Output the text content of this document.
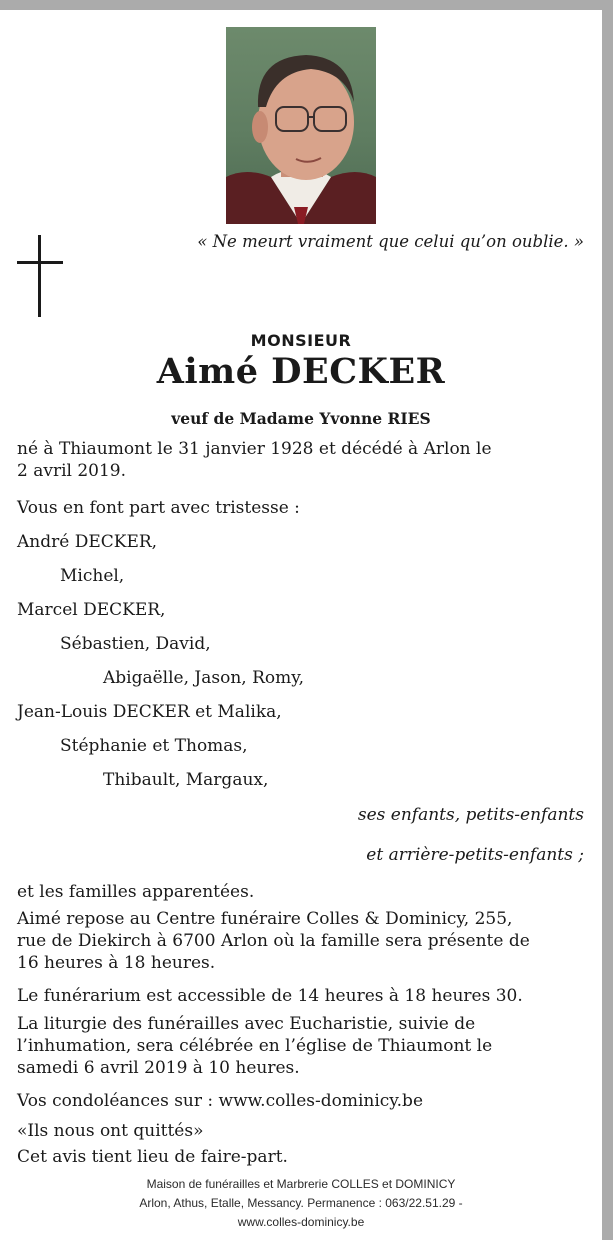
« Ne meurt vraiment que celui qu’on oublie. »
MONSIEUR
Aimé DECKER
veuf de Madame Yvonne RIES
né à Thiaumont le 31 janvier 1928 et décédé à Arlon le
2 avril 2019.
Vous en font part avec tristesse :
André DECKER,
Michel,
Marcel DECKER,
Sébastien, David,
Abigaëlle, Jason, Romy,
Jean-Louis DECKER et Malika,
Stéphanie et Thomas,
Thibault, Margaux,
ses enfants, petits-enfants
et arrière-petits-enfants ;
et les familles apparentées.
Aimé repose au Centre funéraire Colles & Dominicy, 255,
rue de Diekirch à 6700 Arlon où la famille sera présente de
16 heures à 18 heures.
Le funérarium est accessible de 14 heures à 18 heures 30.
La liturgie des funérailles avec Eucharistie, suivie de
l’inhumation, sera célébrée en l’église de Thiaumont le
samedi 6 avril 2019 à 10 heures.
Vos condoléances sur : www.colles-dominicy.be
«Ils nous ont quittés»
Cet avis tient lieu de faire-part.
Maison de funérailles et Marbrerie COLLES et DOMINICY
Arlon, Athus, Etalle, Messancy. Permanence : 063/22.51.29 -
www.colles-dominicy.be
